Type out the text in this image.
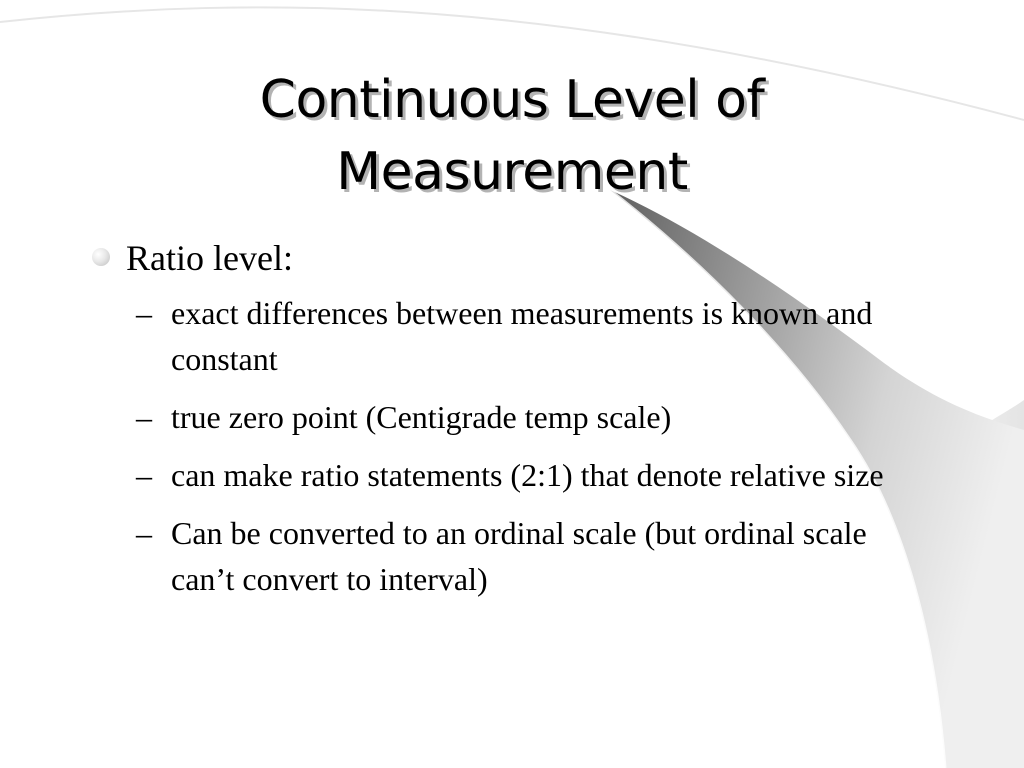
Continuous Level of
Measurement
Ratio level:
– exact differences between measurements is known and constant
– true zero point (Centigrade temp scale)
– can make ratio statements (2:1) that denote relative size
– Can be converted to an ordinal scale (but ordinal scale can’t convert to interval)
